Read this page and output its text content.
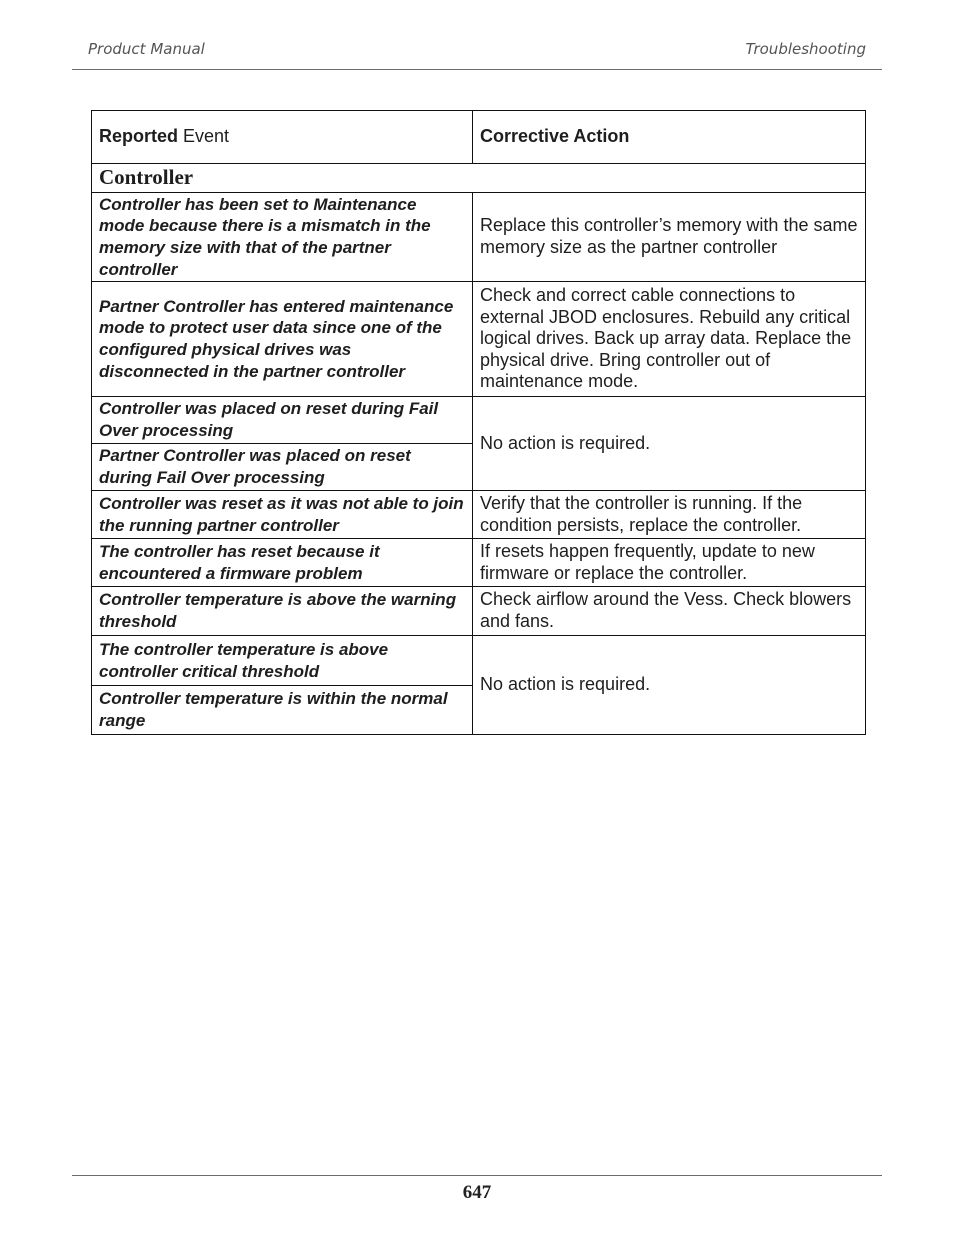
Product Manual	Troubleshooting
Reported Event	Corrective Action
Controller	
Controller has been set to Maintenance mode because there is a mismatch in the memory size with that of the partner controller	Replace this controller’s memory with the same memory size as the partner controller
Partner Controller has entered maintenance mode to protect user data since one of the configured physical drives was disconnected in the partner controller	Check and correct cable connections to external JBOD enclosures. Rebuild any critical logical drives. Back up array data. Replace the physical drive. Bring controller out of maintenance mode.
Controller was placed on reset during Fail Over processing	No action is required.
Partner Controller was placed on reset during Fail Over processing	
Controller was reset as it was not able to join the running partner controller	Verify that the controller is running. If the condition persists, replace the controller.
The controller has reset because it encountered a firmware problem	If resets happen frequently, update to new firmware or replace the controller.
Controller temperature is above the warning threshold	Check airflow around the Vess. Check blowers and fans.
The controller temperature is above controller critical threshold	No action is required.
Controller temperature is within the normal range	
647
